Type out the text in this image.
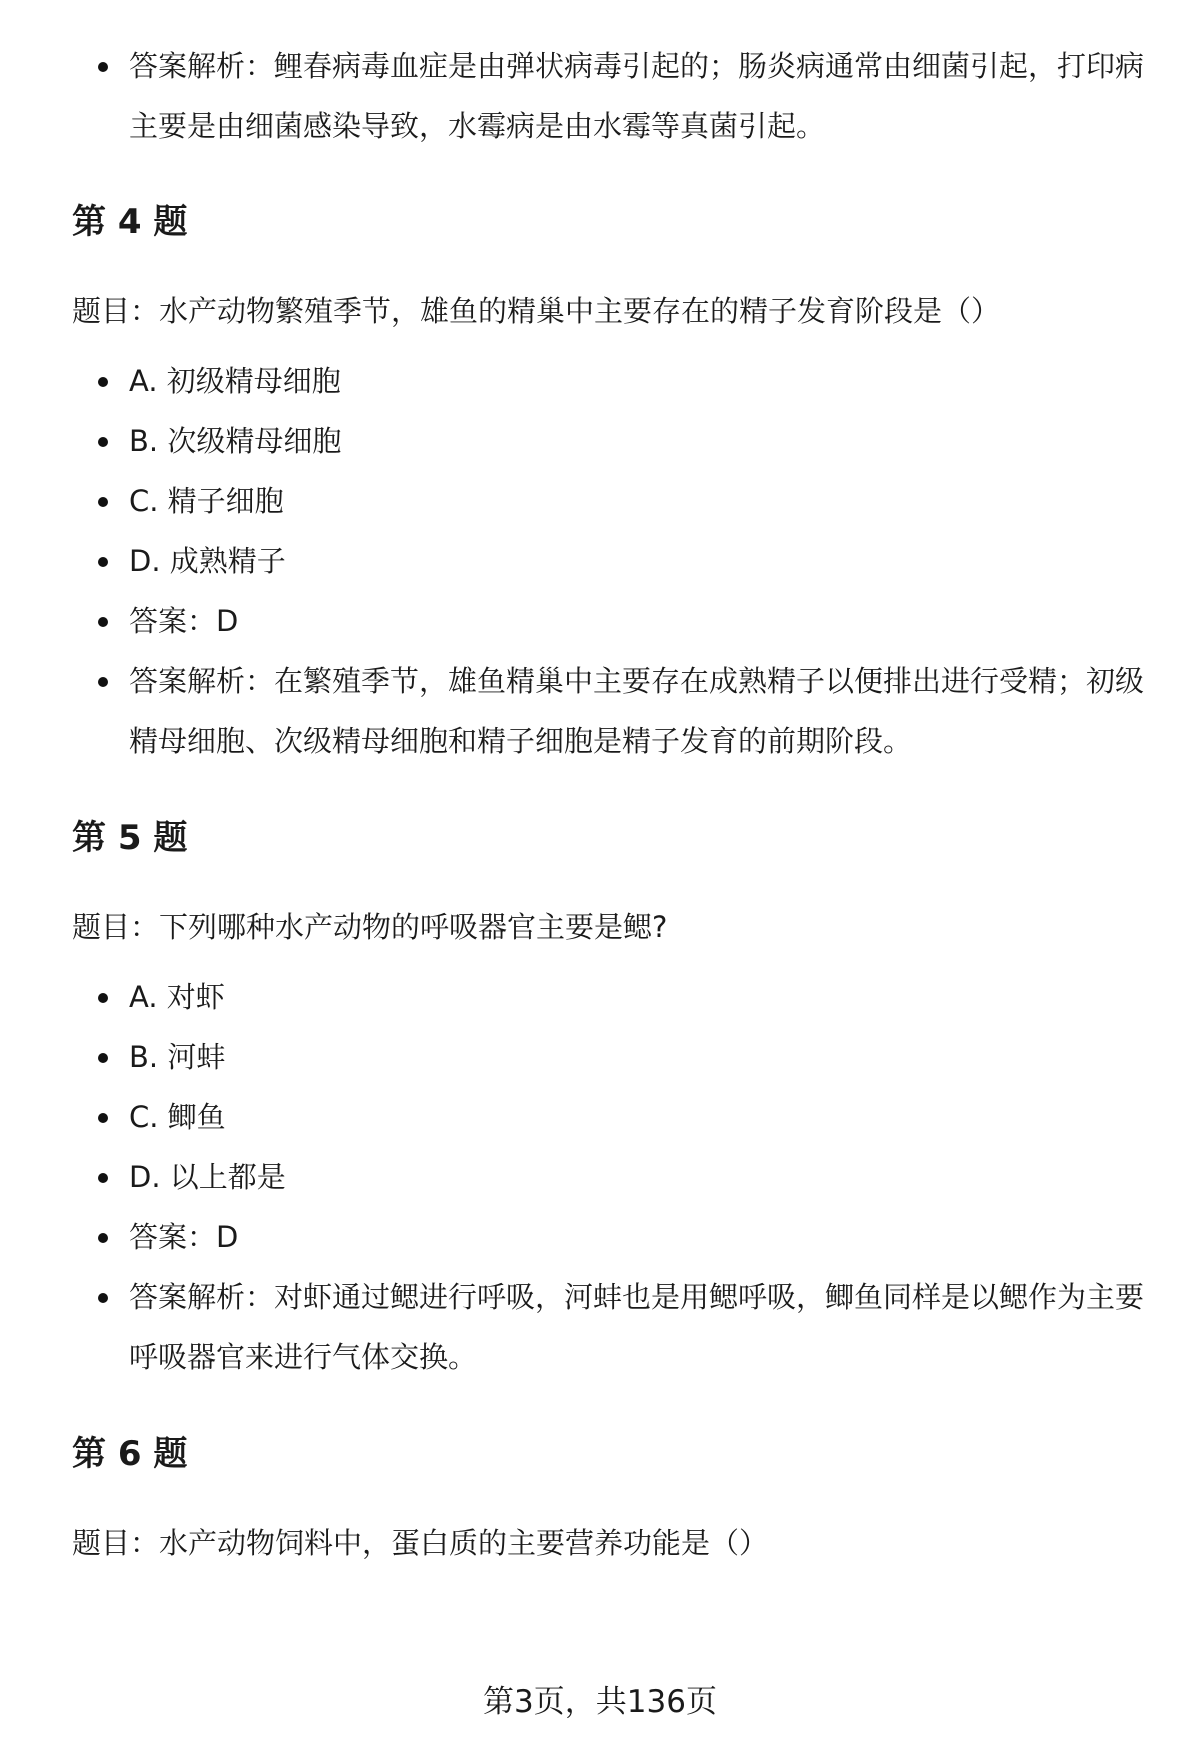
答案解析：鲤春病毒血症是由弹状病毒引起的；肠炎病通常由细菌引起，打印病主要是由细菌感染导致，水霉病是由水霉等真菌引起。
第 4 题

题目：水产动物繁殖季节，雄鱼的精巢中主要存在的精子发育阶段是（）

A. 初级精母细胞
B. 次级精母细胞
C. 精子细胞
D. 成熟精子
答案：D
答案解析：在繁殖季节，雄鱼精巢中主要存在成熟精子以便排出进行受精；初级精母细胞、次级精母细胞和精子细胞是精子发育的前期阶段。
第 5 题

题目：下列哪种水产动物的呼吸器官主要是鳃?

A. 对虾
B. 河蚌
C. 鲫鱼
D. 以上都是
答案：D
答案解析：对虾通过鳃进行呼吸，河蚌也是用鳃呼吸，鲫鱼同样是以鳃作为主要呼吸器官来进行气体交换。
第 6 题

题目：水产动物饲料中，蛋白质的主要营养功能是（）

第3页，共136页
